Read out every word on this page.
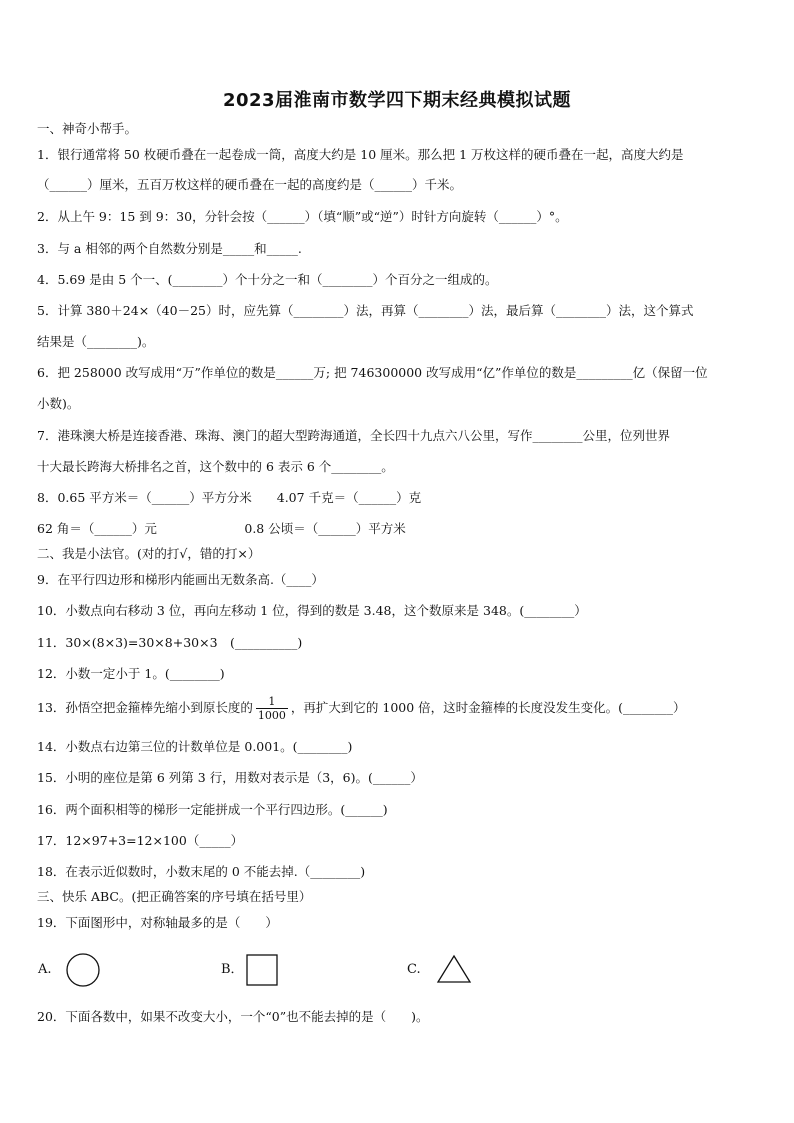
2023届淮南市数学四下期末经典模拟试题
一、神奇小帮手。
1．银行通常将 50 枚硬币叠在一起卷成一筒，高度大约是 10 厘米。那么把 1 万枚这样的硬币叠在一起，高度大约是
（______）厘米，五百万枚这样的硬币叠在一起的高度约是（______）千米。
2．从上午 9：15 到 9：30，分针会按（______）（填“顺”或“逆”）时针方向旋转（______）°。
3．与 a 相邻的两个自然数分别是_____和_____.
4．5.69 是由 5 个一、(________）个十分之一和（________）个百分之一组成的。
5．计算 380＋24×（40－25）时，应先算（________）法，再算（________）法，最后算（________）法，这个算式
结果是（________)。
6．把 258000 改写成用“万”作单位的数是______万; 把 746300000 改写成用“亿”作单位的数是_________亿（保留一位
小数)。
7．港珠澳大桥是连接香港、珠海、澳门的超大型跨海通道，全长四十九点六八公里，写作________公里，位列世界
十大最长跨海大桥排名之首，这个数中的 6 表示 6 个________。
8．0.65 平方米＝（______）平方分米　　4.07 千克＝（______）克
62 角＝（______）元　　　　　　　0.8 公顷＝（______）平方米
二、我是小法官。(对的打√，错的打×）
9．在平行四边形和梯形内能画出无数条高.（____）
10．小数点向右移动 3 位，再向左移动 1 位，得到的数是 3.48，这个数原来是 348。(________）
11．30×(8×3)=30×8+30×3　(__________)
12．小数一定小于 1。(________)
13．孙悟空把金箍棒先缩小到原长度的 $\frac{1}{1000}$ ，再扩大到它的 1000 倍，这时金箍棒的长度没发生变化。(________）
14．小数点右边第三位的计数单位是 0.001。(________)
15．小明的座位是第 6 列第 3 行，用数对表示是（3，6)。(______）
16．两个面积相等的梯形一定能拼成一个平行四边形。(______)
17．12×97+3=12×100（_____）
18．在表示近似数时，小数末尾的 0 不能去掉.（________)
三、快乐 ABC。(把正确答案的序号填在括号里）
19．下面图形中，对称轴最多的是（　　）
A.	B．	C.
20．下面各数中，如果不改变大小，一个“0”也不能去掉的是（　　)。
